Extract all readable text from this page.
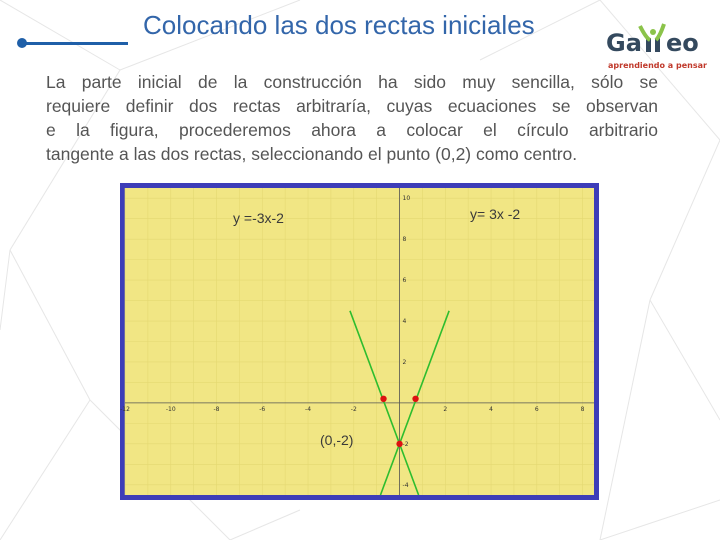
Colocando las dos rectas iniciales
Ga eo
aprendiendo a pensar

La parte inicial de la construcción ha sido muy sencilla, sólo se
requiere definir dos rectas arbitraría, cuyas ecuaciones se observan
e la figura, procederemos ahora a colocar el círculo arbitrario
tangente a las dos rectas, seleccionando el punto (0,2) como centro.

-12	-10	-8	-6	-4	-2	2	4	6	8
10
8
6
4
2
-2
-4
y =-3x-2	y= 3x -2
(0,-2)
